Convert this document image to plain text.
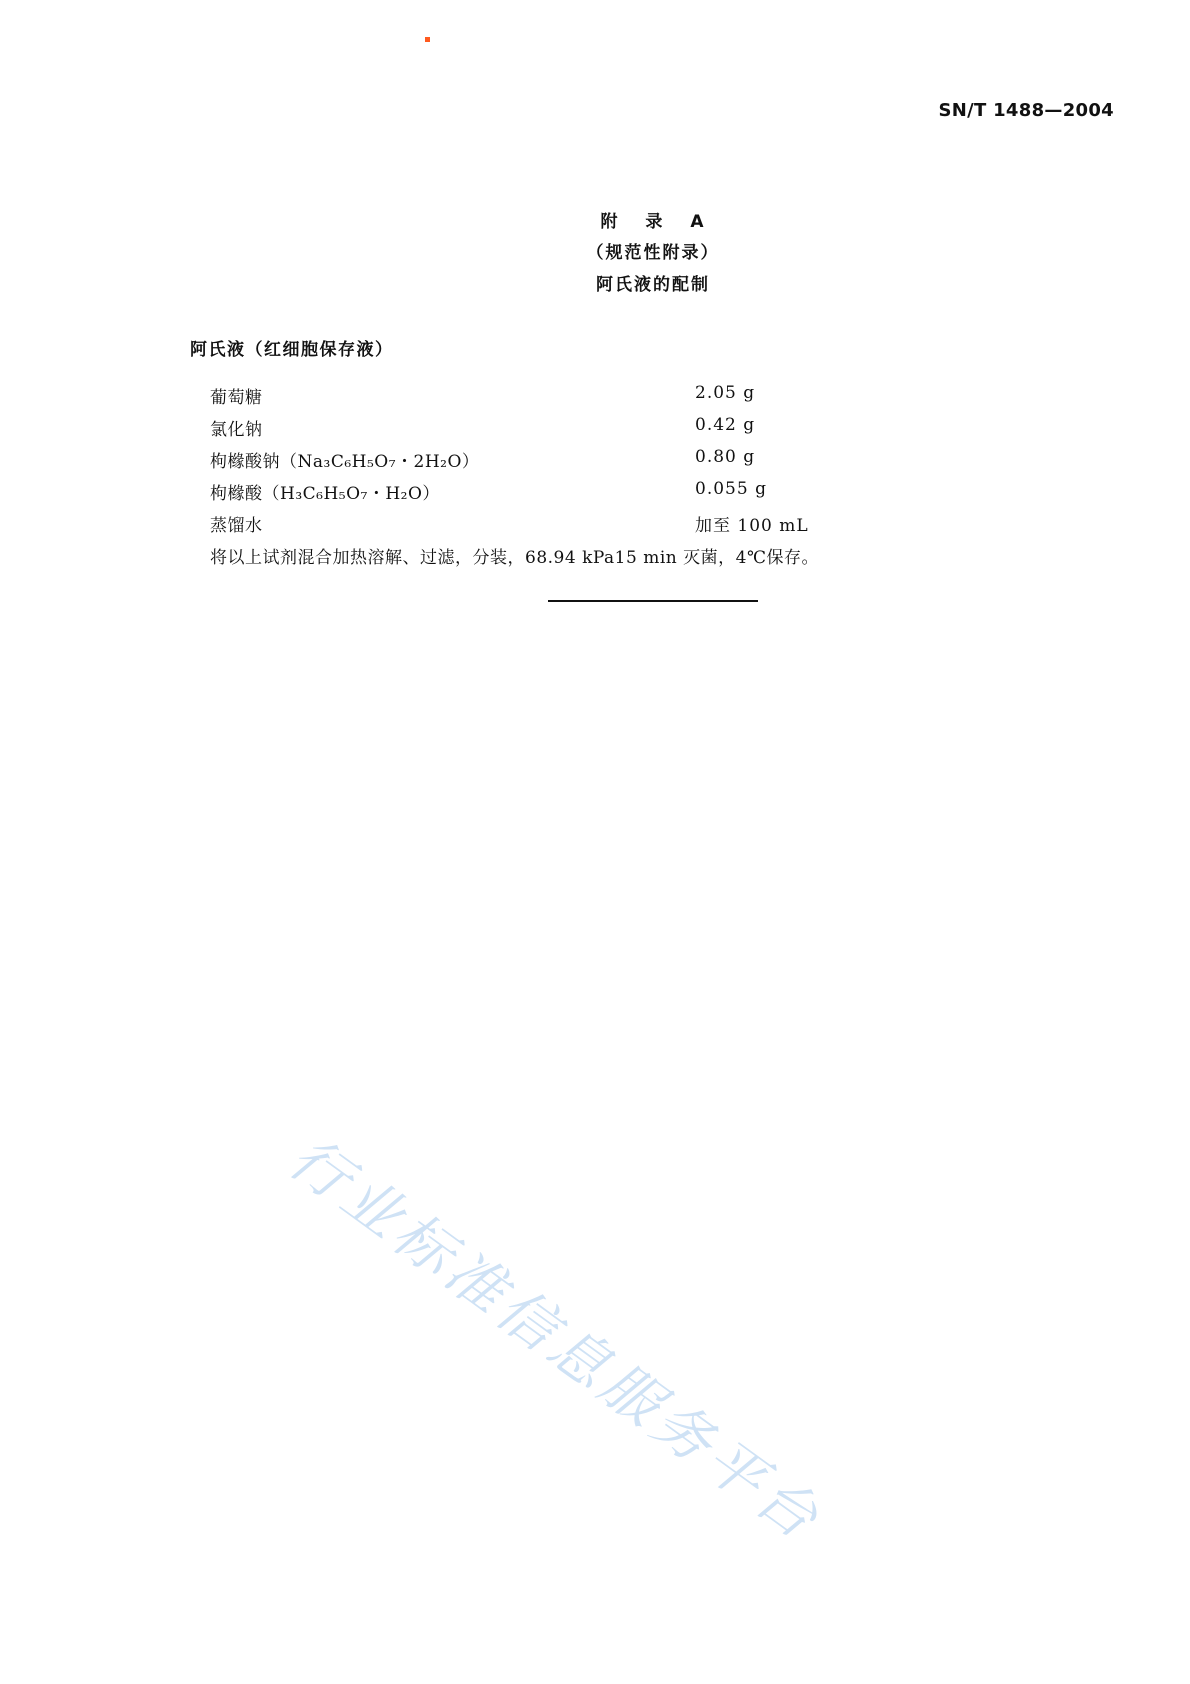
SN/T 1488—2004
附 录 A
（规范性附录）
阿氏液的配制
阿氏液（红细胞保存液）
葡萄糖	2.05 g
氯化钠	0.42 g
枸橼酸钠（Na₃C₆H₅O₇・2H₂O）	0.80 g
枸橼酸（H₃C₆H₅O₇・H₂O）	0.055 g
蒸馏水	加至 100 mL
将以上试剂混合加热溶解、过滤，分装，68.94 kPa15 min 灭菌，4℃保存。
行业标准信息服务平台
